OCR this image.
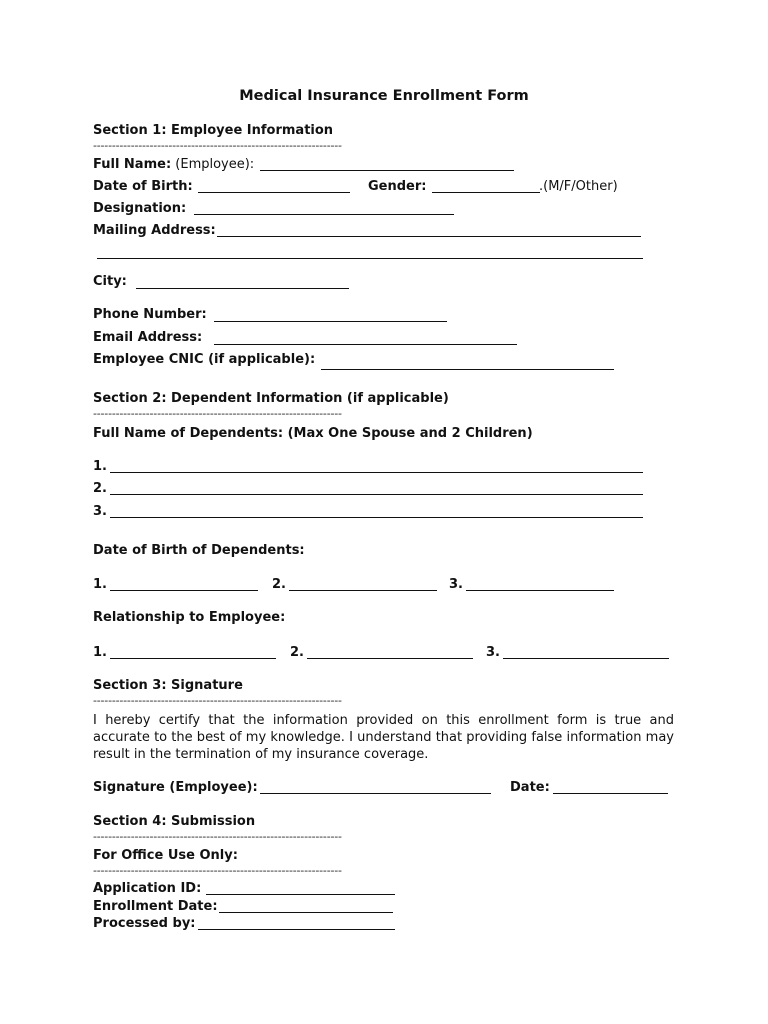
Medical Insurance Enrollment Form
Section 1: Employee Information
------------------------------------------------------------------
Full Name: (Employee):
Date of Birth:	Gender:	.(M/F/Other)
Designation:
Mailing Address:
City:
Phone Number:
Email Address:
Employee CNIC (if applicable):
Section 2: Dependent Information (if applicable)
------------------------------------------------------------------
Full Name of Dependents: (Max One Spouse and 2 Children)
1.
2.
3.
Date of Birth of Dependents:
1.	2.	3.
Relationship to Employee:
1.	2.	3.
Section 3: Signature
------------------------------------------------------------------
I hereby certify that the information provided on this enrollment form is true and accurate to the best of my knowledge. I understand that providing false information may result in the termination of my insurance coverage.
Signature (Employee):	Date:
Section 4: Submission
------------------------------------------------------------------
For Office Use Only:
------------------------------------------------------------------
Application ID:
Enrollment Date:
Processed by:
